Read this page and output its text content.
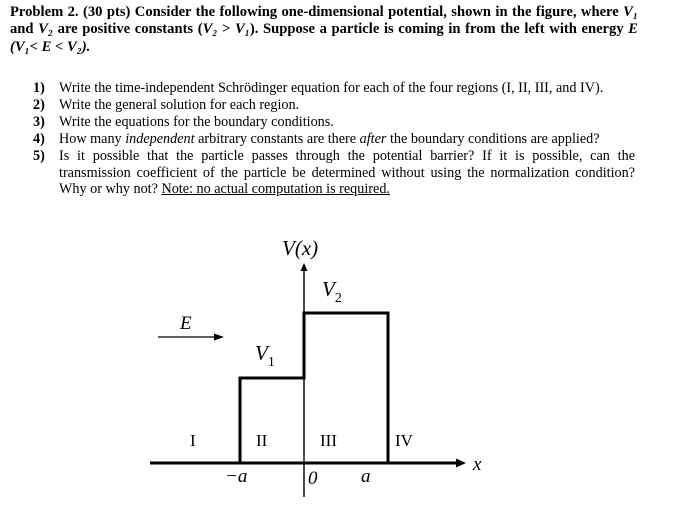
Problem 2. (30 pts) Consider the following one-dimensional potential, shown in the figure, where V₁ and V₂ are positive constants (V₂ > V₁). Suppose a particle is coming in from the left with energy E (V₁< E < V₂).
1) Write the time-independent Schrödinger equation for each of the four regions (I, II, III, and IV).
2) Write the general solution for each region.
3) Write the equations for the boundary conditions.
4) How many independent arbitrary constants are there after the boundary conditions are applied?
5) Is it possible that the particle passes through the potential barrier? If it is possible, can the transmission coefficient of the particle be determined without using the normalization condition? Why or why not? Note: no actual computation is required.
V(x)
E
$V_1$
$V_2$
I	II	III	IV
−a	0 a
x
